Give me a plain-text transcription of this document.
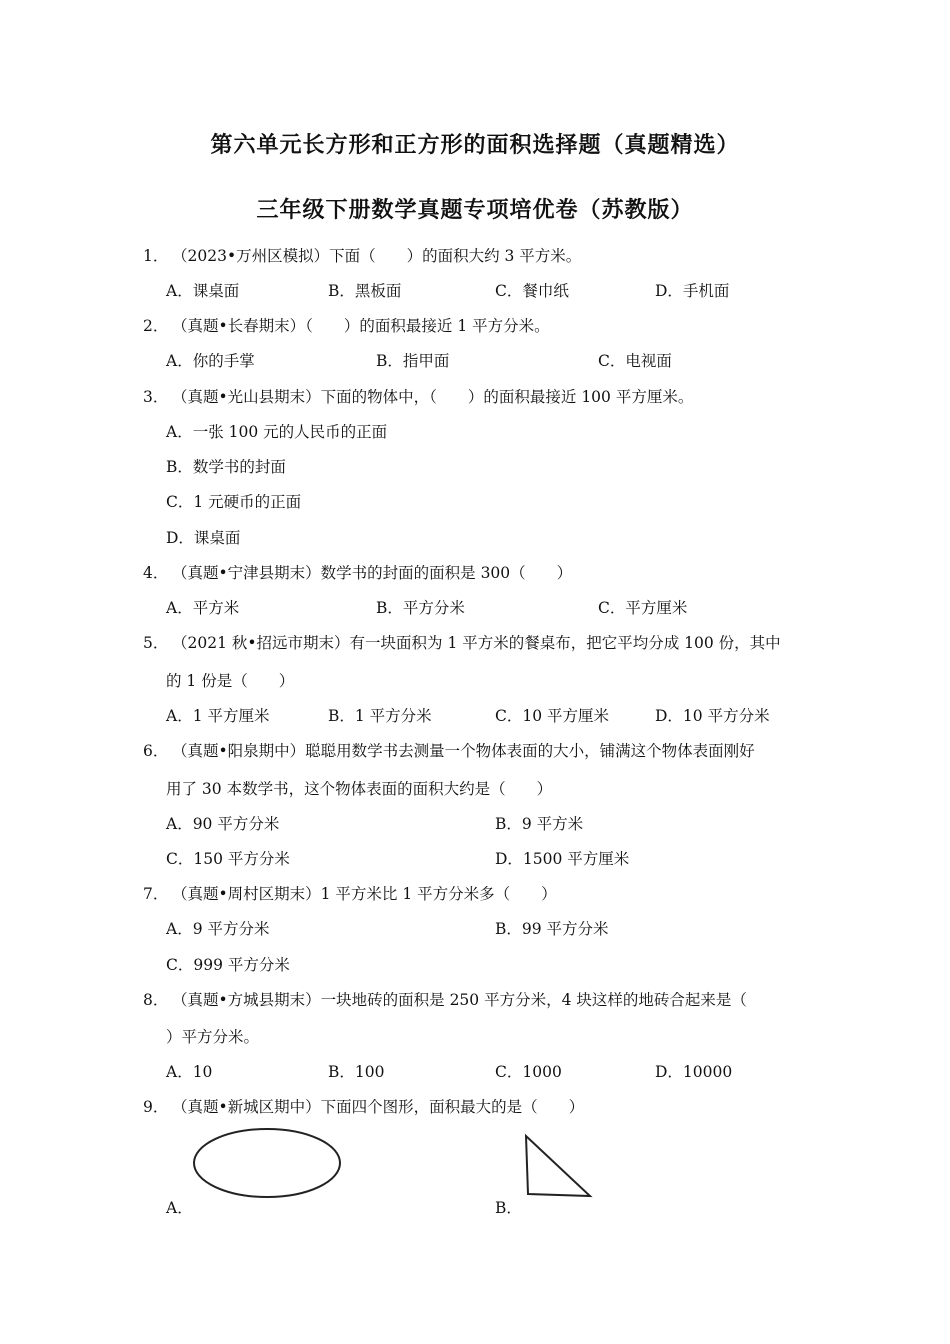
第六单元长方形和正方形的面积选择题（真题精选）
三年级下册数学真题专项培优卷（苏教版）
1． （2023•万州区模拟）下面（　　）的面积大约 3 平方米。
A．课桌面	B．黑板面	C．餐巾纸	D．手机面
2． （真题•长春期末）（　　）的面积最接近 1 平方分米。
A．你的手掌	B．指甲面	C．电视面
3． （真题•光山县期末）下面的物体中，（　　）的面积最接近 100 平方厘米。
A．一张 100 元的人民币的正面
B．数学书的封面
C．1 元硬币的正面
D．课桌面
4． （真题•宁津县期末）数学书的封面的面积是 300（　　）
A．平方米	B．平方分米	C．平方厘米
5． （2021 秋•招远市期末）有一块面积为 1 平方米的餐桌布，把它平均分成 100 份，其中
的 1 份是（　　）
A．1 平方厘米	B．1 平方分米	C．10 平方厘米	D．10 平方分米
6． （真题•阳泉期中）聪聪用数学书去测量一个物体表面的大小，铺满这个物体表面刚好
用了 30 本数学书，这个物体表面的面积大约是（　　）
A．90 平方分米	B．9 平方米
C．150 平方分米	D．1500 平方厘米
7． （真题•周村区期末）1 平方米比 1 平方分米多（　　）
A．9 平方分米	B．99 平方分米
C．999 平方分米
8． （真题•方城县期末）一块地砖的面积是 250 平方分米，4 块这样的地砖合起来是（
）平方分米。
A．10	B．100	C．1000	D．10000
9． （真题•新城区期中）下面四个图形，面积最大的是（　　）
A．	B．
